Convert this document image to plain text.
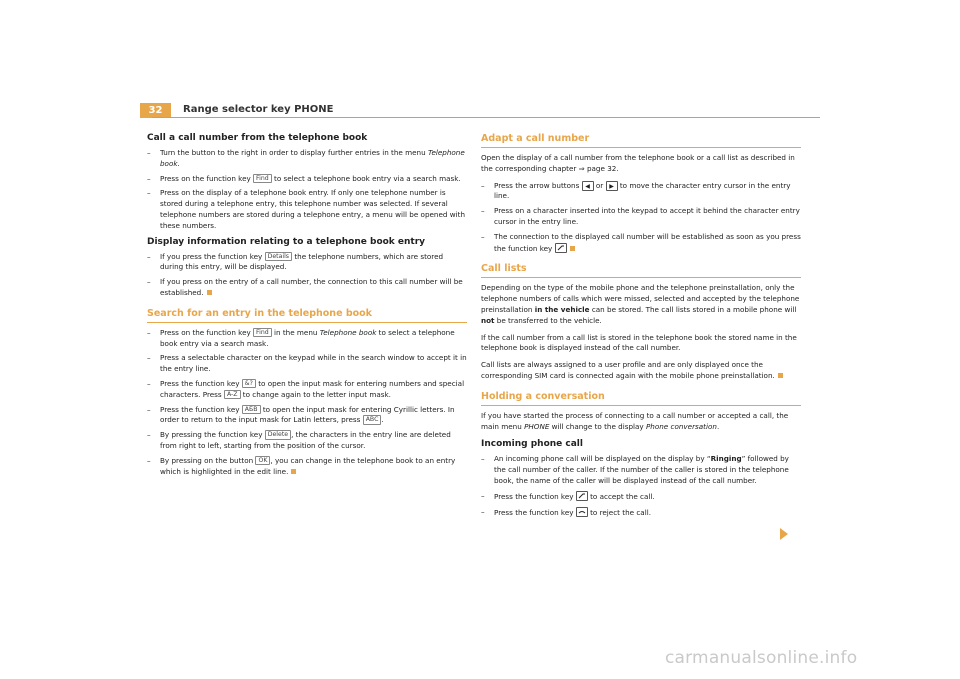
32	Range selector key PHONE
Call a call number from the telephone book
– Turn the button to the right in order to display further entries in the menu Telephone book.
– Press on the function key Find to select a telephone book entry via a search mask.
– Press on the display of a telephone book entry. If only one telephone number is stored during a telephone entry, this telephone number was selected. If several telephone numbers are stored during a telephone entry, a menu will be opened with these numbers.
Display information relating to a telephone book entry
– If you press the function key Details the telephone numbers, which are stored during this entry, will be displayed.
– If you press on the entry of a call number, the connection to this call number will be established.
Search for an entry in the telephone book
– Press on the function key Find in the menu Telephone book to select a telephone book entry via a search mask.
– Press a selectable character on the keypad while in the search window to accept it in the entry line.
– Press the function key &? to open the input mask for entering numbers and special characters. Press A-Z to change again to the letter input mask.
– Press the function key АБВ to open the input mask for entering Cyrillic letters. In order to return to the input mask for Latin letters, press ABC .
– By pressing the function key Delete , the characters in the entry line are deleted from right to left, starting from the position of the cursor.
– By pressing on the button OK , you can change in the telephone book to an entry which is highlighted in the edit line.
Adapt a call number

Open the display of a call number from the telephone book or a call list as described in the corresponding chapter ⇒ page 32.

– Press the arrow buttons ◀ or ▶ to move the character entry cursor in the entry line.
– Press on a character inserted into the keypad to accept it behind the character entry cursor in the entry line.
– The connection to the displayed call number will be established as soon as you press the function key
Call lists

Depending on the type of the mobile phone and the telephone preinstallation, only the telephone numbers of calls which were missed, selected and accepted by the telephone preinstallation in the vehicle can be stored. The call lists stored in a mobile phone will not be transferred to the vehicle.

If the call number from a call list is stored in the telephone book the stored name in the telephone book is displayed instead of the call number.

Call lists are always assigned to a user profile and are only displayed once the corresponding SIM card is connected again with the mobile phone preinstallation.

Holding a conversation

If you have started the process of connecting to a call number or accepted a call, the main menu PHONE will change to the display Phone conversation.

Incoming phone call
– An incoming phone call will be displayed on the display by “Ringing” followed by the call number of the caller. If the number of the caller is stored in the telephone book, the name of the caller will be displayed instead of the call number.
– Press the function key
to accept the call.
– Press the function key
to reject the call.
carmanualsonline.info
